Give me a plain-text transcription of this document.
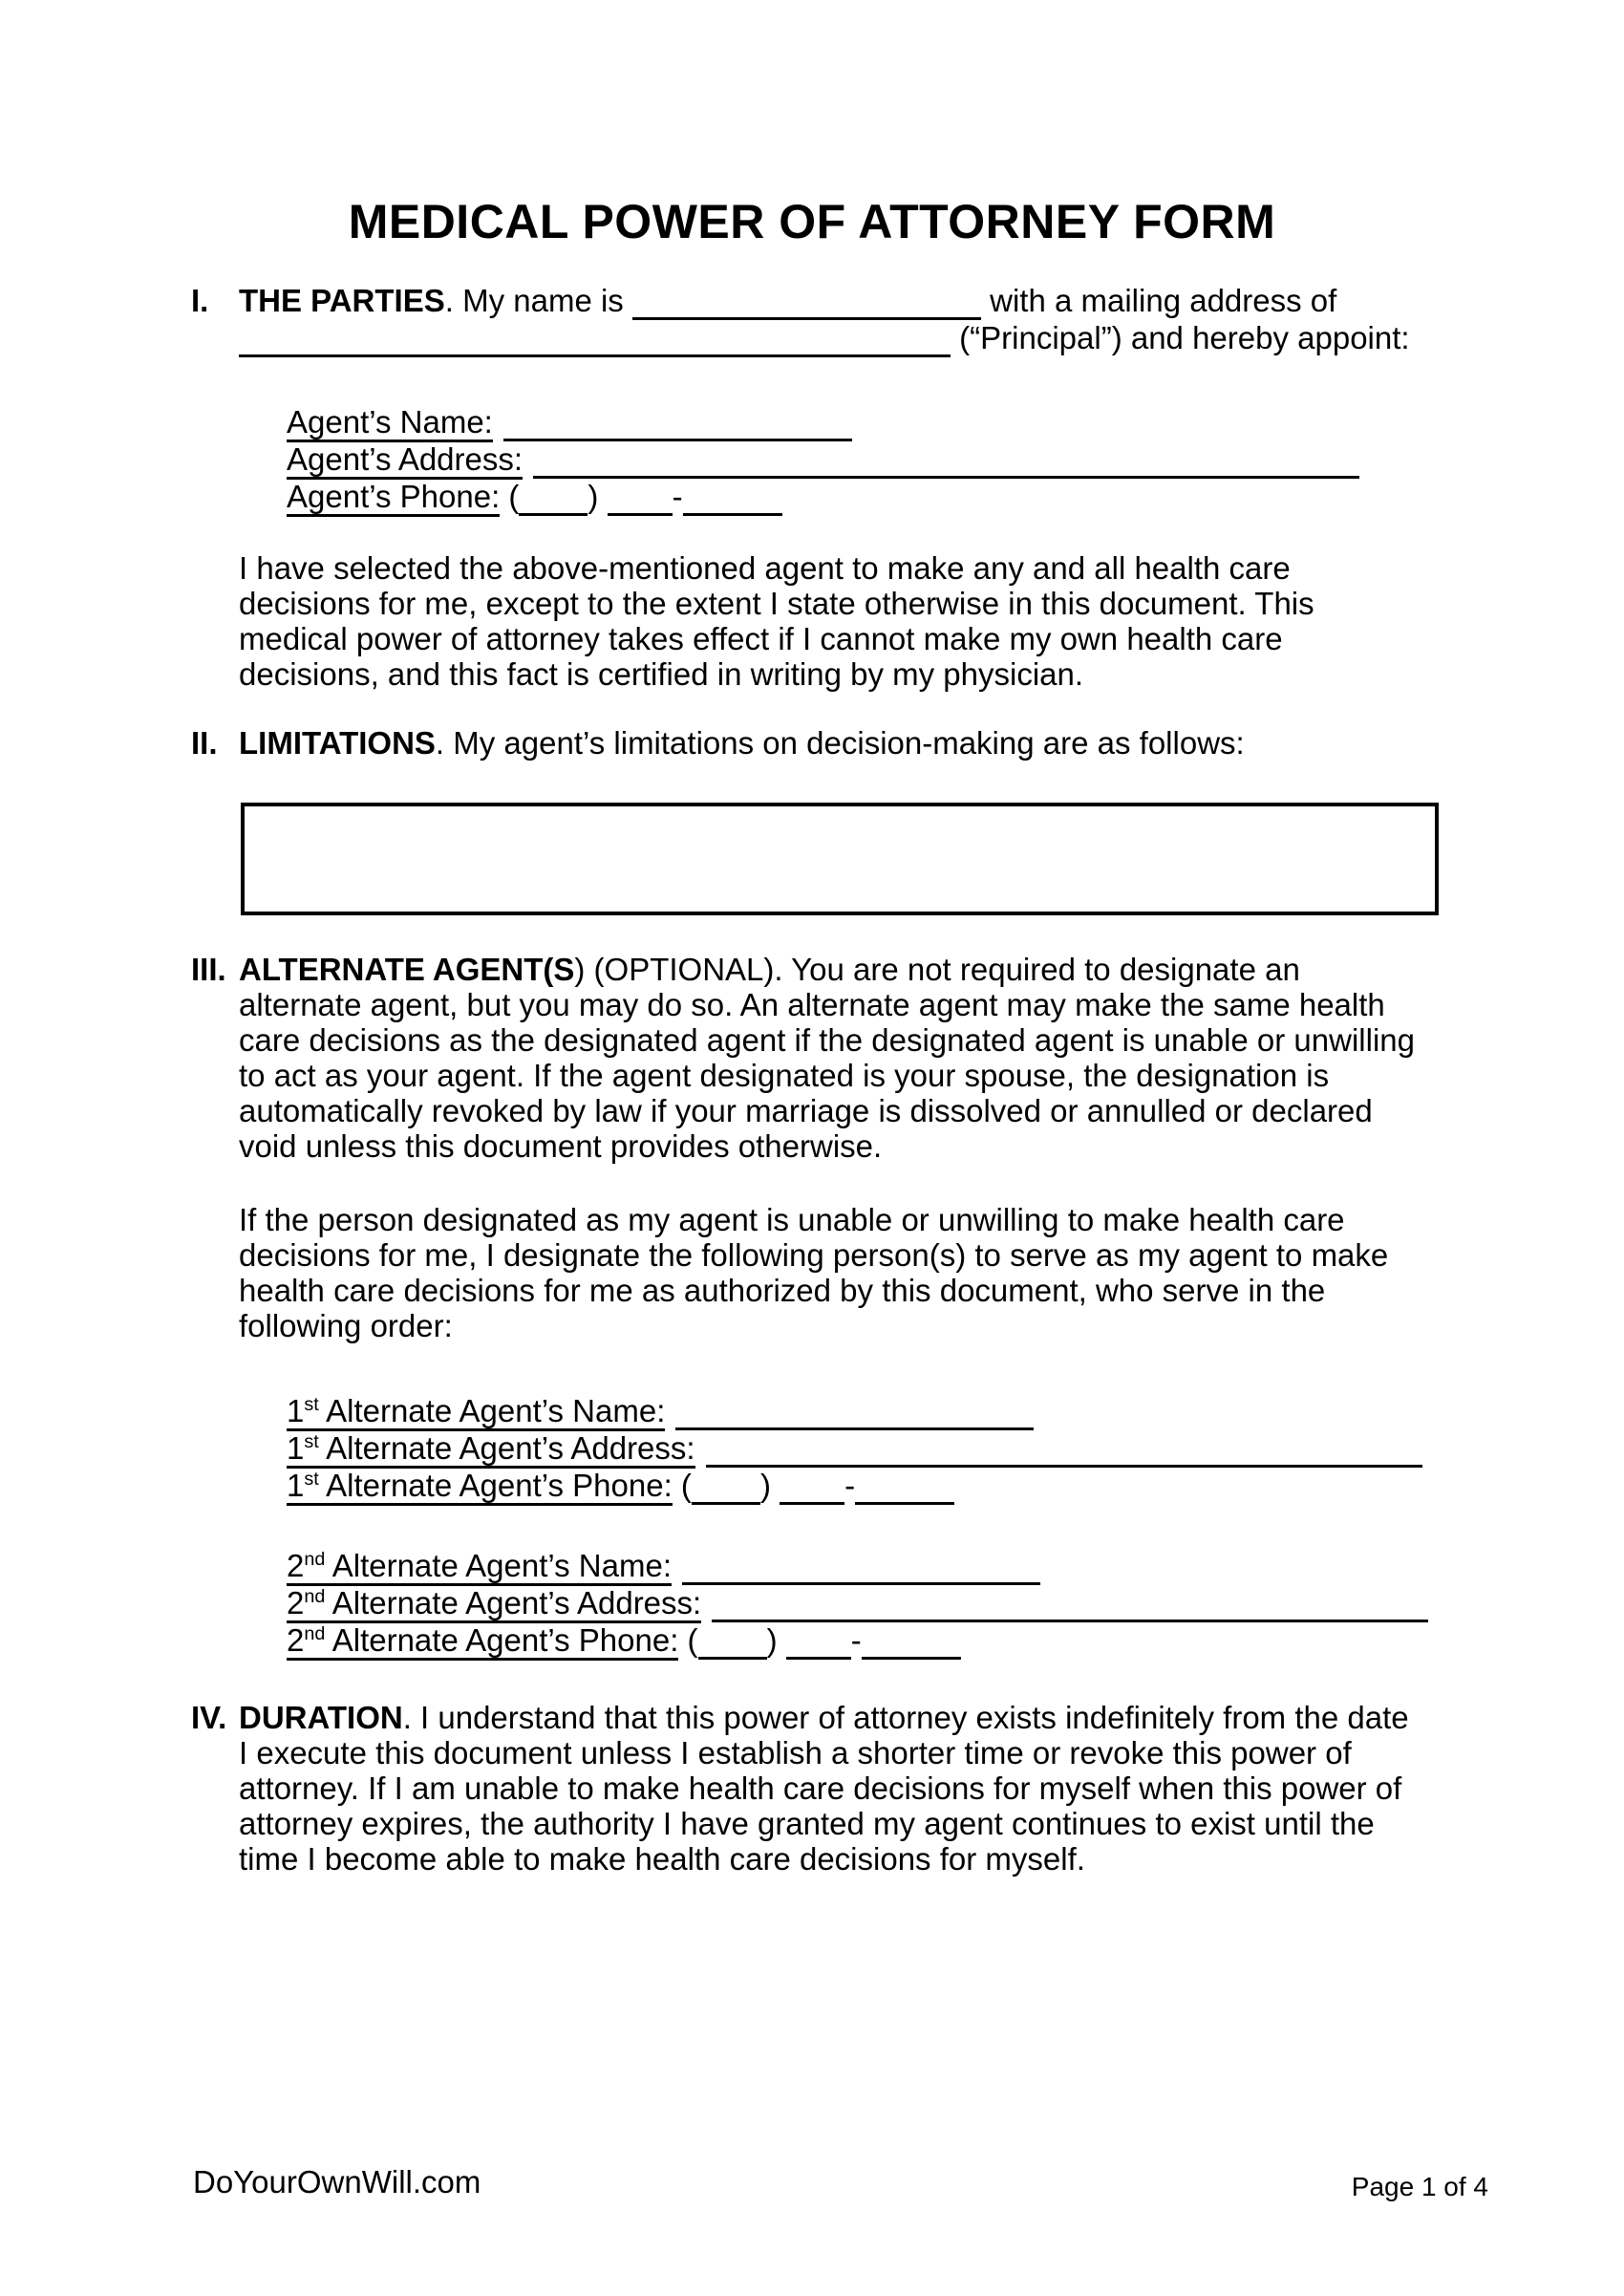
MEDICAL POWER OF ATTORNEY FORM
I. THE PARTIES. My name is	with a mailing address of
(“Principal”) and hereby appoint:
Agent’s Name:
Agent’s Address:
Agent’s Phone: ( ) -
I have selected the above-mentioned agent to make any and all health care
decisions for me, except to the extent I state otherwise in this document. This
medical power of attorney takes effect if I cannot make my own health care
decisions, and this fact is certified in writing by my physician.
II. LIMITATIONS. My agent’s limitations on decision-making are as follows:
III. ALTERNATE AGENT(S) (OPTIONAL). You are not required to designate an
alternate agent, but you may do so. An alternate agent may make the same health
care decisions as the designated agent if the designated agent is unable or unwilling
to act as your agent. If the agent designated is your spouse, the designation is
automatically revoked by law if your marriage is dissolved or annulled or declared
void unless this document provides otherwise.
If the person designated as my agent is unable or unwilling to make health care
decisions for me, I designate the following person(s) to serve as my agent to make
health care decisions for me as authorized by this document, who serve in the
following order:
1st Alternate Agent’s Name:
1st Alternate Agent’s Address:
1st Alternate Agent’s Phone: ( ) -
2nd Alternate Agent’s Name:
2nd Alternate Agent’s Address:
2nd Alternate Agent’s Phone: ( ) -
IV. DURATION. I understand that this power of attorney exists indefinitely from the date
I execute this document unless I establish a shorter time or revoke this power of
attorney. If I am unable to make health care decisions for myself when this power of
attorney expires, the authority I have granted my agent continues to exist until the
time I become able to make health care decisions for myself.
DoYourOwnWill.com	Page 1 of 4
